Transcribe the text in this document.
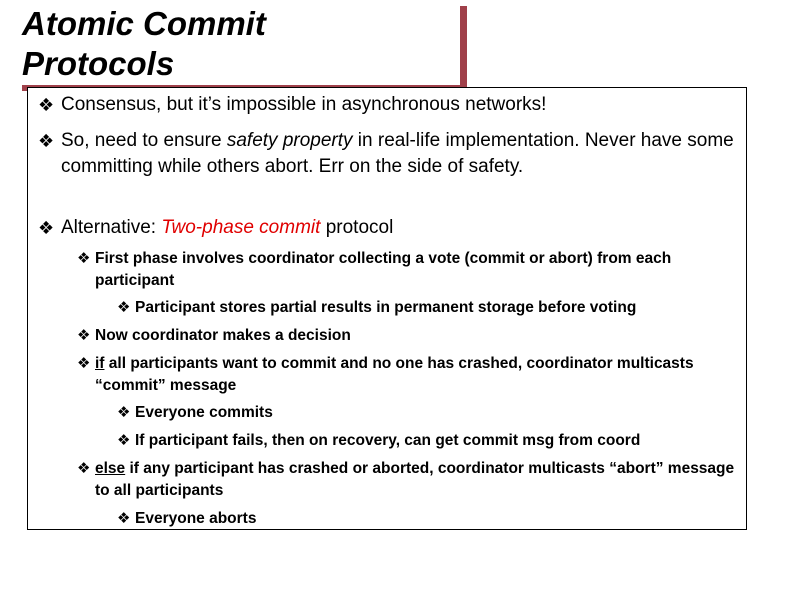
Atomic Commit
Protocols
❖ Consensus, but it’s impossible in asynchronous networks!
❖ So, need to ensure safety property in real-life implementation. Never have some committing while others abort. Err on the side of safety.
❖ Alternative: Two-phase commit protocol
❖ First phase involves coordinator collecting a vote (commit or abort) from each participant
❖ Participant stores partial results in permanent storage before voting
❖ Now coordinator makes a decision
❖ if all participants want to commit and no one has crashed, coordinator multicasts “commit” message
❖ Everyone commits
❖ If participant fails, then on recovery, can get commit msg from coord
❖ else if any participant has crashed or aborted, coordinator multicasts “abort” message to all participants
❖ Everyone aborts
